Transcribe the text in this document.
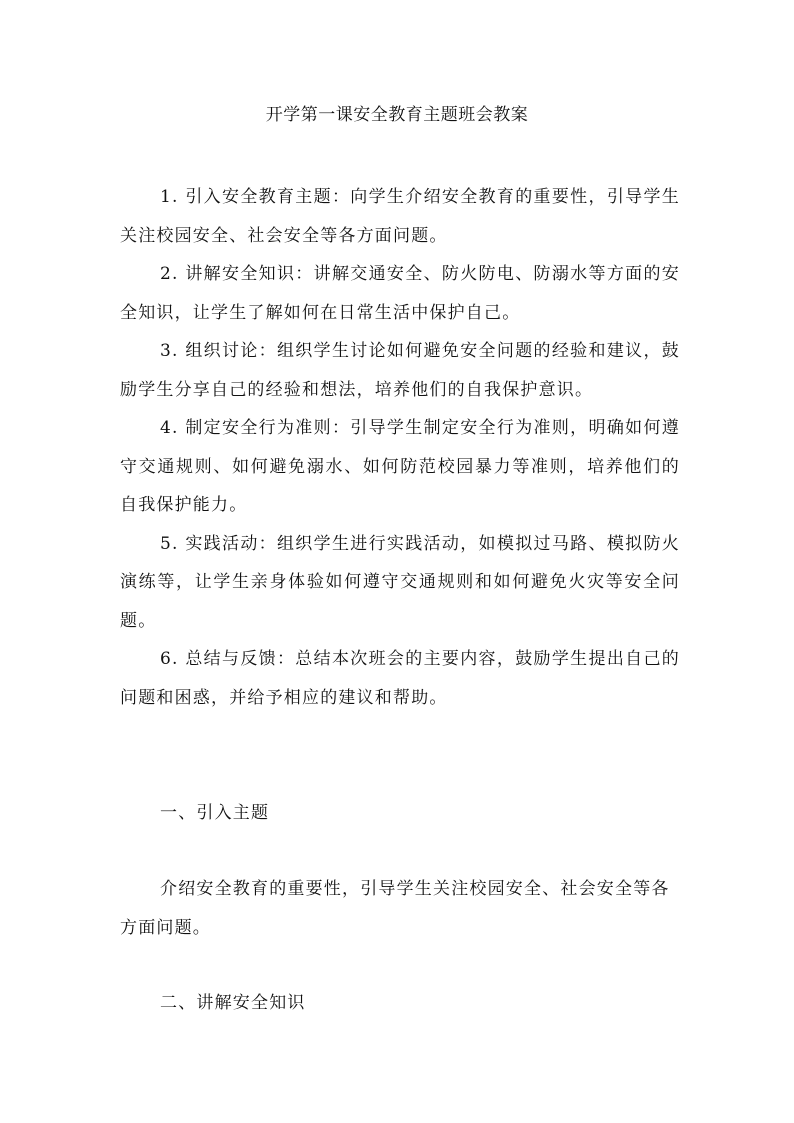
开学第一课安全教育主题班会教案

1. 引入安全教育主题：向学生介绍安全教育的重要性，引导学生关注校园安全、社会安全等各方面问题。

2. 讲解安全知识：讲解交通安全、防火防电、防溺水等方面的安全知识，让学生了解如何在日常生活中保护自己。

3. 组织讨论：组织学生讨论如何避免安全问题的经验和建议，鼓励学生分享自己的经验和想法，培养他们的自我保护意识。

4. 制定安全行为准则：引导学生制定安全行为准则，明确如何遵守交通规则、如何避免溺水、如何防范校园暴力等准则，培养他们的自我保护能力。

5. 实践活动：组织学生进行实践活动，如模拟过马路、模拟防火演练等，让学生亲身体验如何遵守交通规则和如何避免火灾等安全问题。

6. 总结与反馈：总结本次班会的主要内容，鼓励学生提出自己的问题和困惑，并给予相应的建议和帮助。

一、引入主题

介绍安全教育的重要性，引导学生关注校园安全、社会安全等各方面问题。

二、讲解安全知识
